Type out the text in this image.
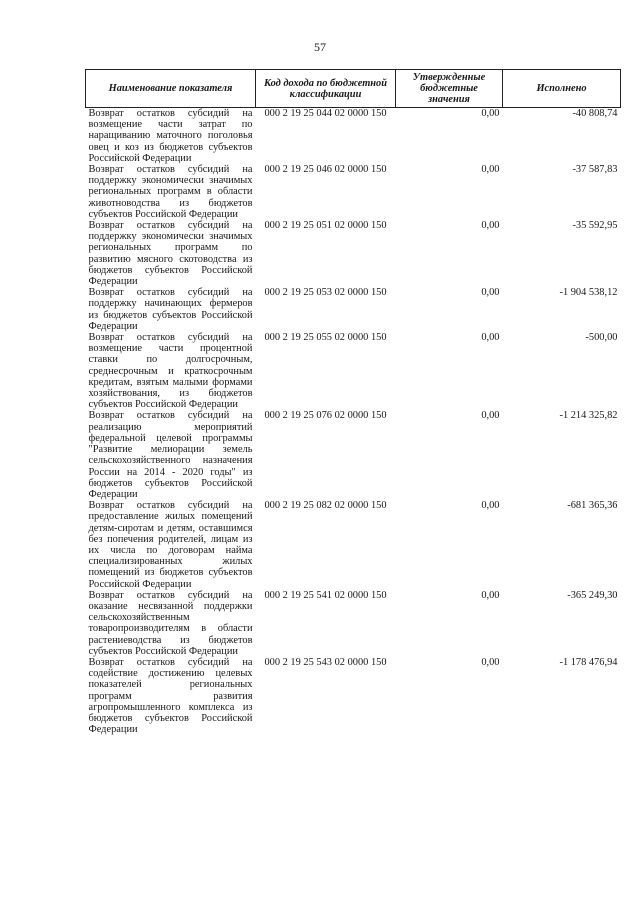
57
Наименование показателя	Код дохода по бюджетной классификации	Утвержденные бюджетные значения	Исполнено
Возврат остатков субсидий на возмещение части затрат по наращиванию маточного поголовья овец и коз из бюджетов субъектов Российской Федерации	000 2 19 25 044 02 0000 150	0,00	-40 808,74
Возврат остатков субсидий на поддержку экономически значимых региональных программ в области животноводства из бюджетов субъектов Российской Федерации	000 2 19 25 046 02 0000 150	0,00	-37 587,83
Возврат остатков субсидий на поддержку экономически значимых региональных программ по развитию мясного скотоводства из бюджетов субъектов Российской Федерации	000 2 19 25 051 02 0000 150	0,00	-35 592,95
Возврат остатков субсидий на поддержку начинающих фермеров из бюджетов субъектов Российской Федерации	000 2 19 25 053 02 0000 150	0,00	-1 904 538,12
Возврат остатков субсидий на возмещение части процентной ставки по долгосрочным, среднесрочным и краткосрочным кредитам, взятым малыми формами хозяйствования, из бюджетов субъектов Российской Федерации	000 2 19 25 055 02 0000 150	0,00	-500,00
Возврат остатков субсидий на реализацию мероприятий федеральной целевой программы "Развитие мелиорации земель сельскохозяйственного назначения России на 2014 - 2020 годы" из бюджетов субъектов Российской Федерации	000 2 19 25 076 02 0000 150	0,00	-1 214 325,82
Возврат остатков субсидий на предоставление жилых помещений детям-сиротам и детям, оставшимся без попечения родителей, лицам из их числа по договорам найма специализированных жилых помещений из бюджетов субъектов Российской Федерации	000 2 19 25 082 02 0000 150	0,00	-681 365,36
Возврат остатков субсидий на оказание несвязанной поддержки сельскохозяйственным товаропроизводителям в области растениеводства из бюджетов субъектов Российской Федерации	000 2 19 25 541 02 0000 150	0,00	-365 249,30
Возврат остатков субсидий на содействие достижению целевых показателей региональных программ развития агропромышленного комплекса из бюджетов субъектов Российской Федерации	000 2 19 25 543 02 0000 150	0,00	-1 178 476,94
